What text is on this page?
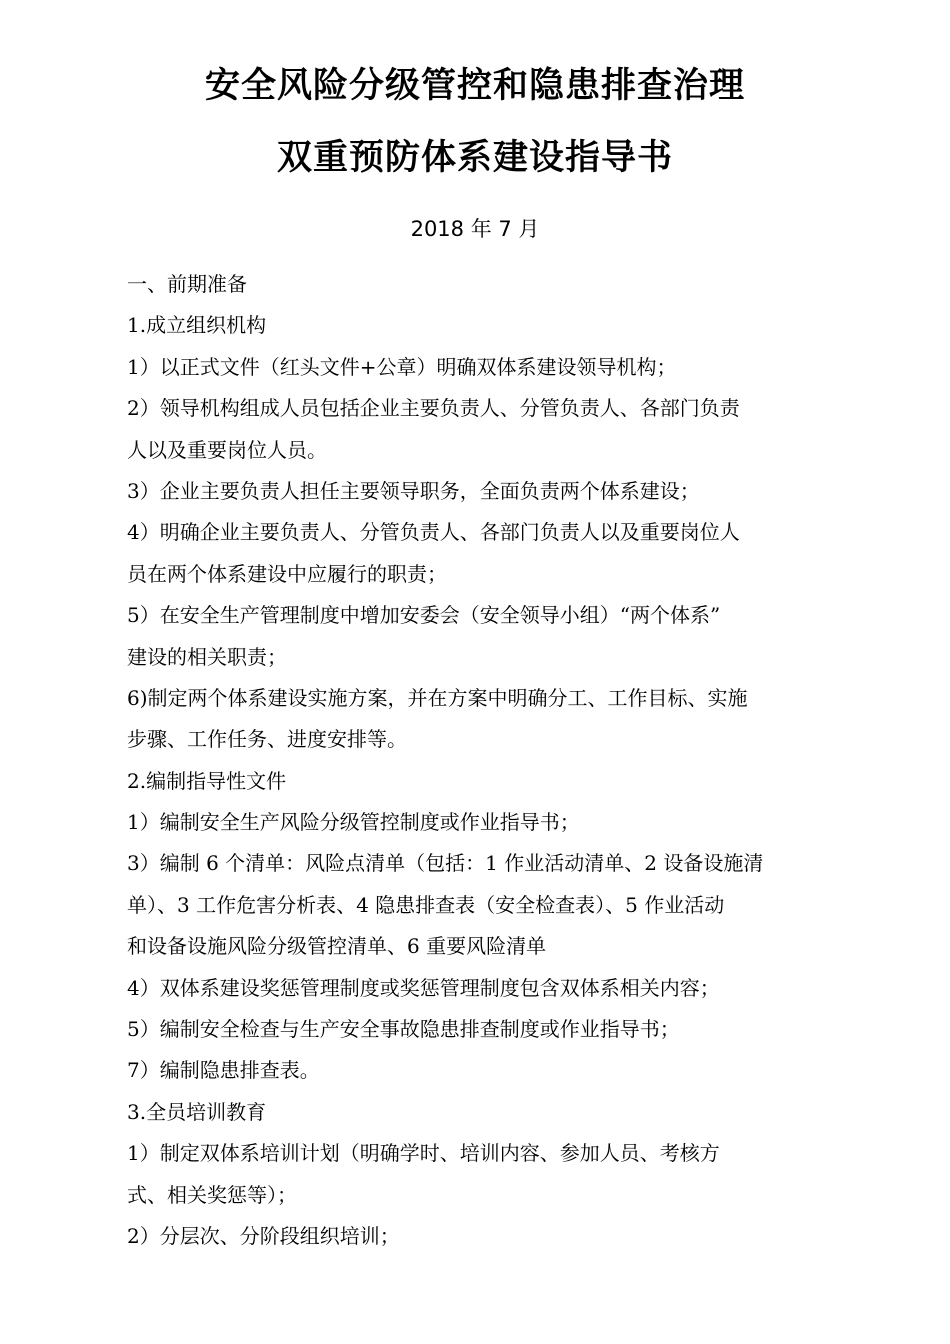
安全风险分级管控和隐患排查治理
双重预防体系建设指导书
2018 年 7 月
一、前期准备
1.成立组织机构
1）以正式文件（红头文件+公章）明确双体系建设领导机构；
2）领导机构组成人员包括企业主要负责人、分管负责人、各部门负责
人以及重要岗位人员。
3）企业主要负责人担任主要领导职务，全面负责两个体系建设；
4）明确企业主要负责人、分管负责人、各部门负责人以及重要岗位人
员在两个体系建设中应履行的职责；
5）在安全生产管理制度中增加安委会（安全领导小组）“两个体系”
建设的相关职责；
6)制定两个体系建设实施方案，并在方案中明确分工、工作目标、实施
步骤、工作任务、进度安排等。
2.编制指导性文件
1）编制安全生产风险分级管控制度或作业指导书；
3）编制 6 个清单：风险点清单（包括：1 作业活动清单、2 设备设施清
单）、3 工作危害分析表、4 隐患排查表（安全检查表）、5 作业活动
和设备设施风险分级管控清单、6 重要风险清单
4）双体系建设奖惩管理制度或奖惩管理制度包含双体系相关内容；
5）编制安全检查与生产安全事故隐患排查制度或作业指导书；
7）编制隐患排查表。
3.全员培训教育
1）制定双体系培训计划（明确学时、培训内容、参加人员、考核方
式、相关奖惩等）；
2）分层次、分阶段组织培训；
